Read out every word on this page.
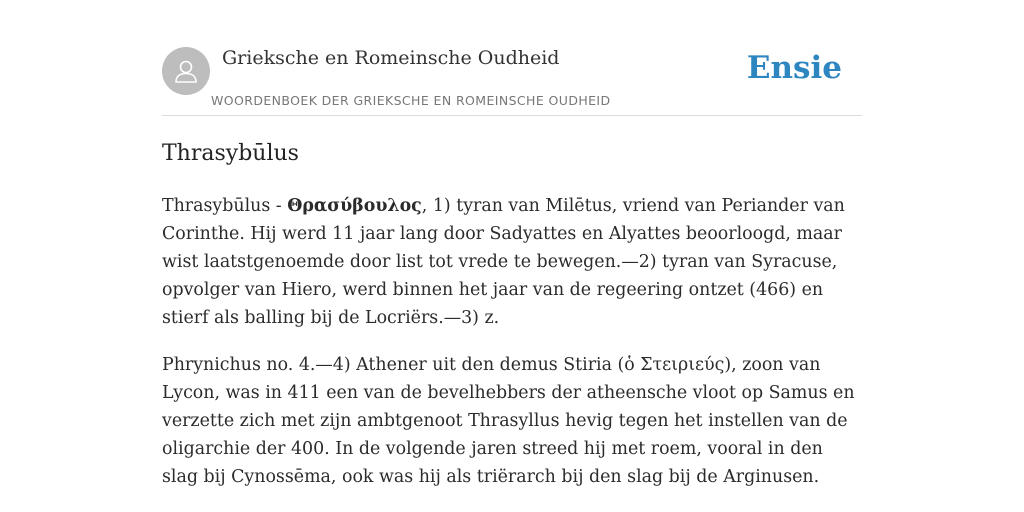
Grieksche en Romeinsche Oudheid
WOORDENBOEK DER GRIEKSCHE EN ROMEINSCHE OUDHEID
Ensie
Thrasybūlus

Thrasybūlus - Θρασύβουλος, 1) tyran van Milētus, vriend van Periander van Corinthe. Hij werd 11 jaar lang door Sadyattes en Alyattes beoorloogd, maar wist laatstgenoemde door list tot vrede te bewegen.—2) tyran van Syracuse, opvolger van Hiero, werd binnen het jaar van de regeering ontzet (466) en stierf als balling bij de Locriërs.—3) z.

Phrynichus no. 4.—4) Athener uit den demus Stiria (ὁ Στειριεύς), zoon van Lycon, was in 411 een van de bevelhebbers der atheensche vloot op Samus en verzette zich met zijn ambtgenoot Thrasyllus hevig tegen het instellen van de oligarchie der 400. In de volgende jaren streed hij met roem, vooral in den slag bij Cynossēma, ook was hij als triërarch bij den slag bij de Arginusen.
